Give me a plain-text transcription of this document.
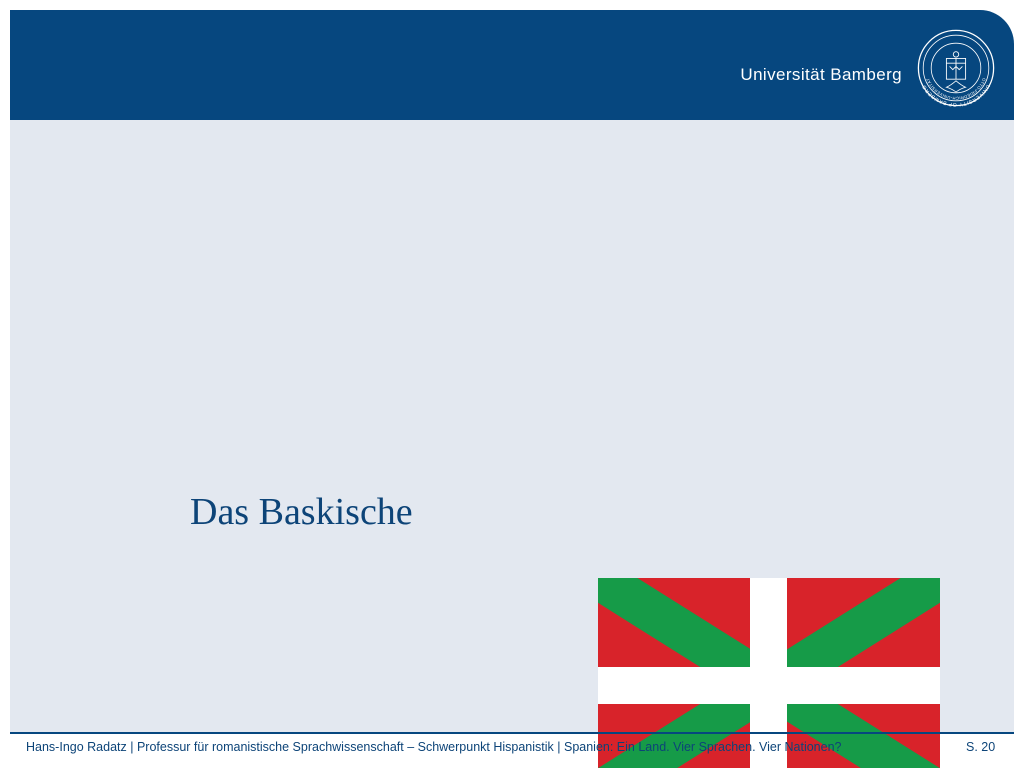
Universität Bamberg
UNIVERSITY OF BAMBERG
OTTO-FRIEDRICH-UNIVERSITÄT
Das Baskische
Hans-Ingo Radatz | Professur für romanistische Sprachwissenschaft – Schwerpunkt Hispanistik | Spanien: Ein Land. Vier Sprachen. Vier Nationen?	S. 20
